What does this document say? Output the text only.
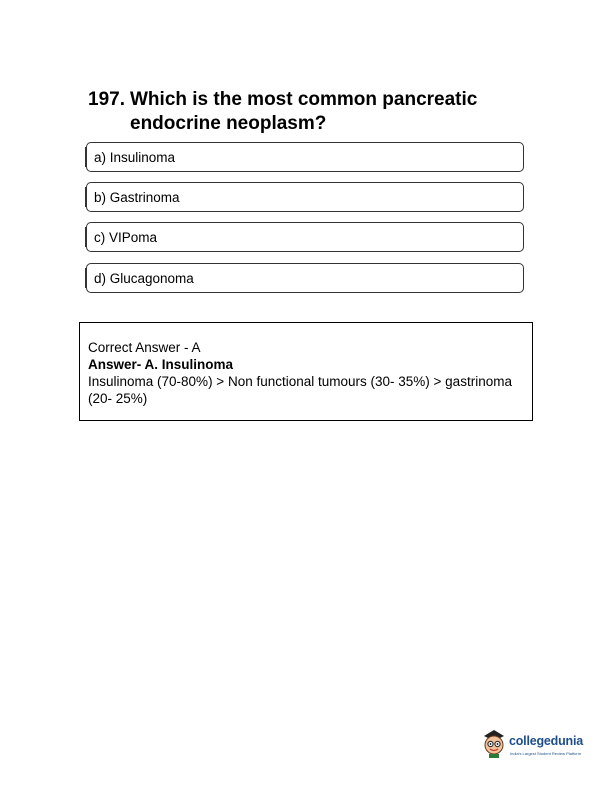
197. Which is the most common pancreatic endocrine neoplasm?
a) Insulinoma
b) Gastrinoma
c) VIPoma
d) Glucagonoma
Correct Answer - A
Answer- A. Insulinoma
Insulinoma (70-80%) > Non functional tumours (30- 35%) > gastrinoma (20- 25%)
collegedunia
India's Largest Student Review Platform
